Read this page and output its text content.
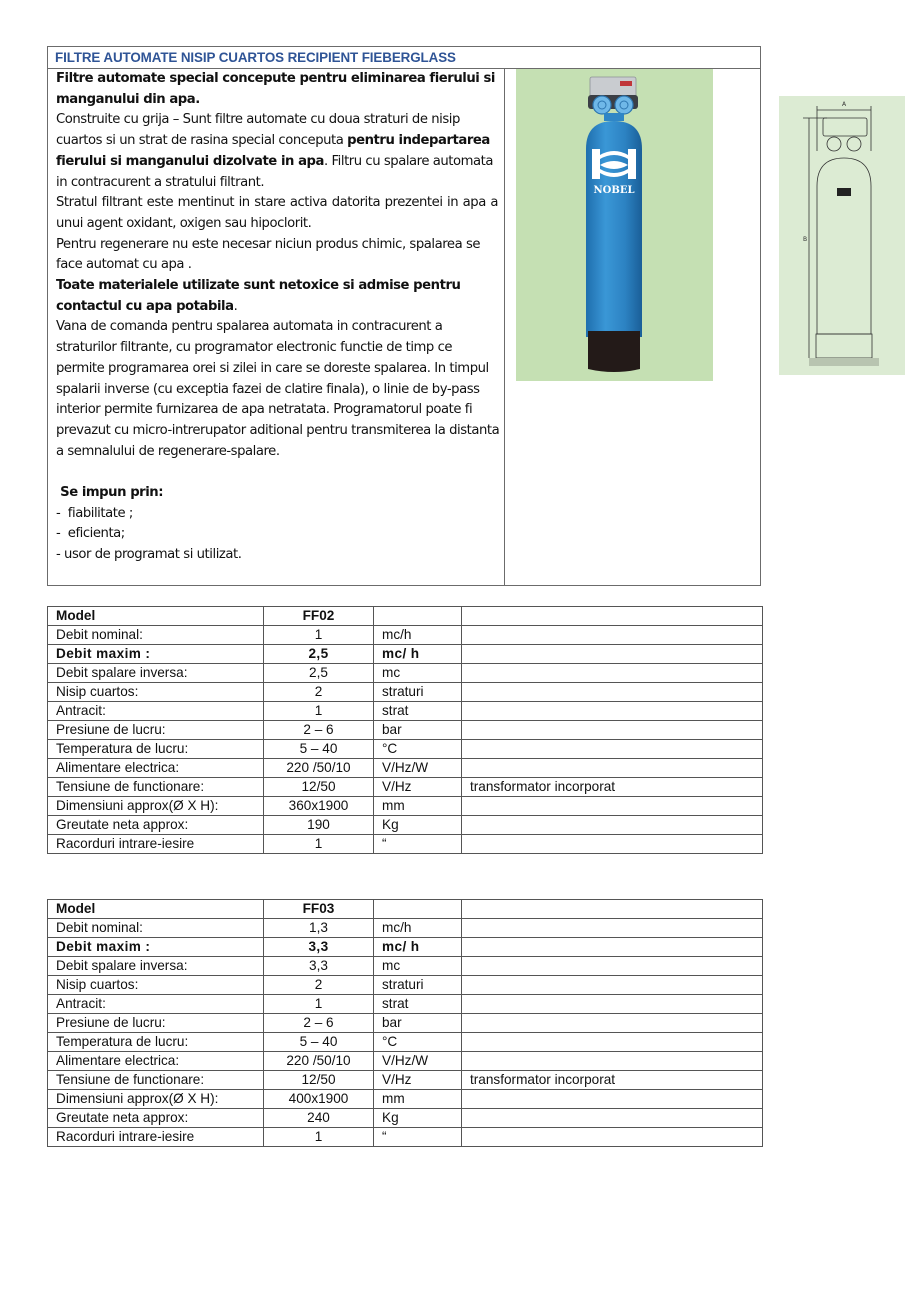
FILTRE AUTOMATE NISIP CUARTOS RECIPIENT FIEBERGLASS

Filtre automate special concepute pentru eliminarea fierului si manganului din apa.

Construite cu grija – Sunt filtre automate cu doua straturi de nisip cuartos si un strat de rasina special conceputa pentru indepartarea fierului si manganului dizolvate in apa. Filtru cu spalare automata in contracurent a stratului filtrant.

Stratul filtrant este mentinut in stare activa datorita prezentei in apa a unui agent oxidant, oxigen sau hipoclorit.

Pentru regenerare nu este necesar niciun produs chimic, spalarea se face automat cu apa .

Toate materialele utilizate sunt netoxice si admise pentru contactul cu apa potabila.

Vana de comanda pentru spalarea automata in contracurent a straturilor filtrante, cu programator electronic functie de timp ce permite programarea orei si zilei in care se doreste spalarea. In timpul spalarii inverse (cu exceptia fazei de clatire finala), o linie de by-pass interior permite furnizarea de apa netratata. Programatorul poate fi prevazut cu micro-intrerupator aditional pentru transmiterea la distanta a semnalului de regenerare-spalare.

Se impun prin:

-  fiabilitate ;

-  eficienta;

- usor de programat si utilizat.

NOBEL
A
B
Model	FF02		
Debit nominal:	1	mc/h	
Debit maxim :	2,5	mc/ h	
Debit spalare inversa:	2,5	mc	
Nisip cuartos:	2	straturi	
Antracit:	1	strat	
Presiune de lucru:	2 – 6	bar	
Temperatura de lucru:	5 – 40	°C	
Alimentare electrica:	220 /50/10	V/Hz/W	
Tensiune de functionare:	12/50	V/Hz	transformator incorporat
Dimensiuni approx(Ø X H):	360x1900	mm	
Greutate neta approx:	190	Kg	
Racorduri intrare-iesire	1	“	
Model	FF03		
Debit nominal:	1,3	mc/h	
Debit maxim :	3,3	mc/ h	
Debit spalare inversa:	3,3	mc	
Nisip cuartos:	2	straturi	
Antracit:	1	strat	
Presiune de lucru:	2 – 6	bar	
Temperatura de lucru:	5 – 40	°C	
Alimentare electrica:	220 /50/10	V/Hz/W	
Tensiune de functionare:	12/50	V/Hz	transformator incorporat
Dimensiuni approx(Ø X H):	400x1900	mm	
Greutate neta approx:	240	Kg	
Racorduri intrare-iesire	1	“	
